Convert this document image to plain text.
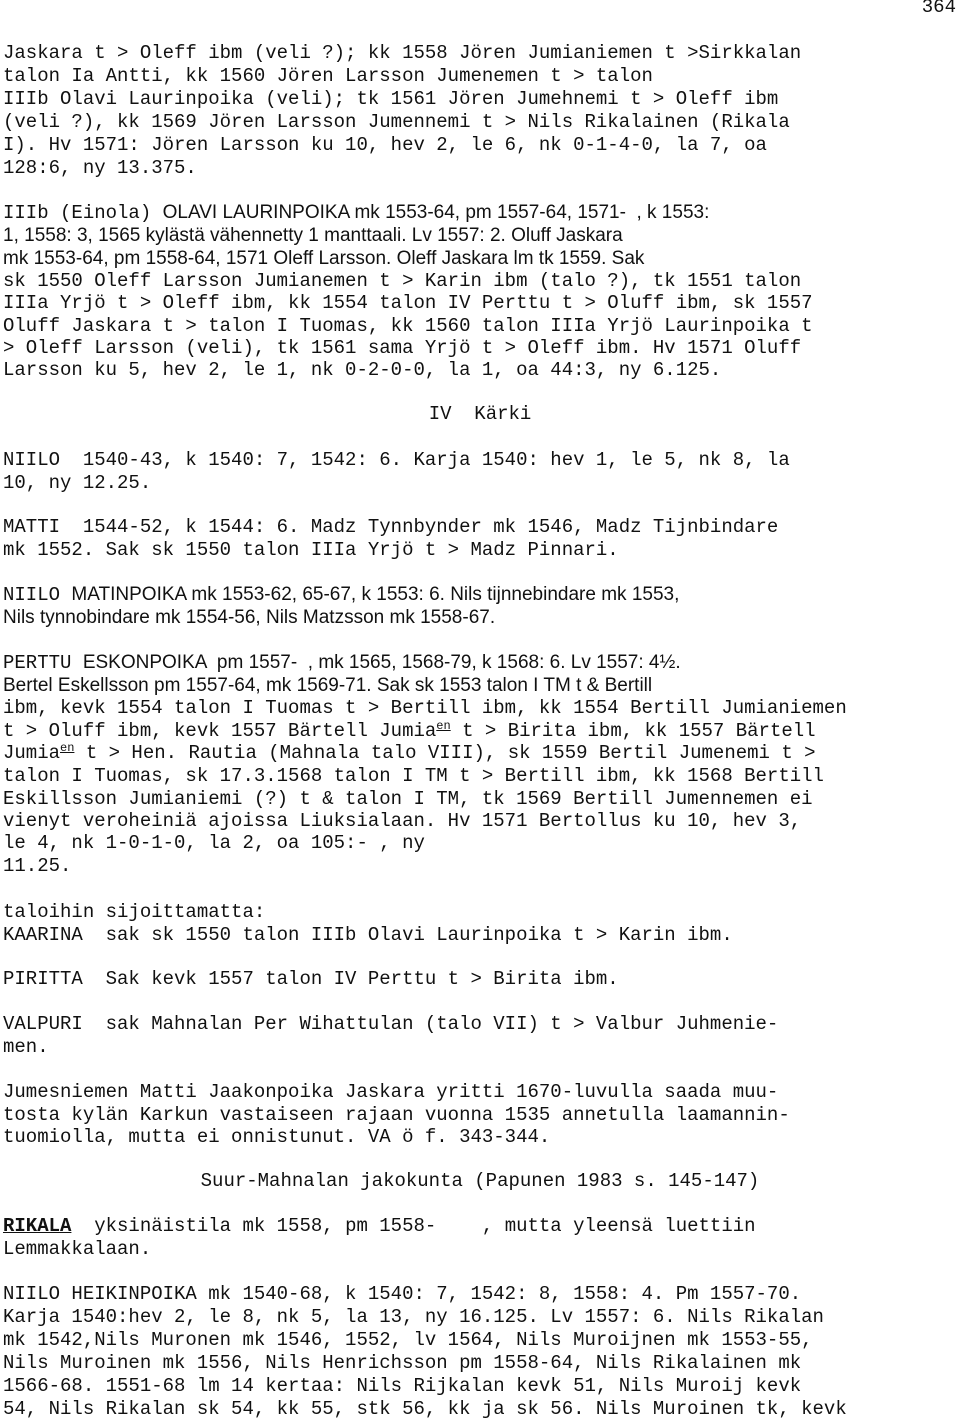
364
Jaskara t > Oleff ibm (veli ?); kk 1558 Jören Jumianiemen t >Sirkkalan
talon Ia Antti, kk 1560 Jören Larsson Jumenemen t > talon
IIIb Olavi Laurinpoika (veli); tk 1561 Jören Jumehnemi t > Oleff ibm
(veli ?), kk 1569 Jören Larsson Jumennemi t > Nils Rikalainen (Rikala
I). Hv 1571: Jören Larsson ku 10, hev 2, le 6, nk 0-1-4-0, la 7, oa
128:6, ny 13.375.
IIIb (Einola) OLAVI LAURINPOIKA mk 1553-64, pm 1557-64, 1571-  , k 1553:
1, 1558: 3, 1565 kylästä vähennetty 1 manttaali. Lv 1557: 2. Oluff Jaskara
mk 1553-64, pm 1558-64, 1571 Oleff Larsson. Oleff Jaskara lm tk 1559. Sak
sk 1550 Oleff Larsson Jumianemen t > Karin ibm (talo ?), tk 1551 talon
IIIa Yrjö t > Oleff ibm, kk 1554 talon IV Perttu t > Oluff ibm, sk 1557
Oluff Jaskara t > talon I Tuomas, kk 1560 talon IIIa Yrjö Laurinpoika t
> Oleff Larsson (veli), tk 1561 sama Yrjö t > Oleff ibm. Hv 1571 Oluff
Larsson ku 5, hev 2, le 1, nk 0-2-0-0, la 1, oa 44:3, ny 6.125.
NIILO  1540-43, k 1540: 7, 1542: 6. Karja 1540: hev 1, le 5, nk 8, la
10, ny 12.25.
MATTI  1544-52, k 1544: 6. Madz Tynnbynder mk 1546, Madz Tijnbindare
mk 1552. Sak sk 1550 talon IIIa Yrjö t > Madz Pinnari.
NIILO MATINPOIKA mk 1553-62, 65-67, k 1553: 6. Nils tijnnebindare mk 1553,
Nils tynnobindare mk 1554-56, Nils Matzsson mk 1558-67.
PERTTU ESKONPOIKA  pm 1557-  , mk 1565, 1568-79, k 1568: 6. Lv 1557: 4½.
Bertel Eskellsson pm 1557-64, mk 1569-71. Sak sk 1553 talon I TM t & Bertill
ibm, kevk 1554 talon I Tuomas t > Bertill ibm, kk 1554 Bertill Jumianiemen
t > Oluff ibm, kevk 1557 Bärtell Jumia$^{en}$ t > Birita ibm, kk 1557 Bärtell
Jumia$^{en}$ t > Hen. Rautia (Mahnala talo VIII), sk 1559 Bertil Jumenemi t >
talon I Tuomas, sk 17.3.1568 talon I TM t > Bertill ibm, kk 1568 Bertill
Eskillsson Jumianiemi (?) t & talon I TM, tk 1569 Bertill Jumennemen ei
vienyt veroheiniä ajoissa Liuksialaan. Hv 1571 Bertollus ku 10, hev 3,
le 4, nk 1-0-1-0, la 2, oa 105:- , ny
11.25.
taloihin sijoittamatta:
KAARINA  sak sk 1550 talon IIIb Olavi Laurinpoika t > Karin ibm.
PIRITTA  Sak kevk 1557 talon IV Perttu t > Birita ibm.
VALPURI  sak Mahnalan Per Wihattulan (talo VII) t > Valbur Juhmenie-
men.
Jumesniemen Matti Jaakonpoika Jaskara yritti 1670-luvulla saada muu-
tosta kylän Karkun vastaiseen rajaan vuonna 1535 annetulla laamannin-
tuomiolla, mutta ei onnistunut. VA ö f. 343-344.
RIKALA  yksinäistila mk 1558, pm 1558-    , mutta yleensä luettiin
Lemmakkalaan.
NIILO HEIKINPOIKA mk 1540-68, k 1540: 7, 1542: 8, 1558: 4. Pm 1557-70.
Karja 1540:hev 2, le 8, nk 5, la 13, ny 16.125. Lv 1557: 6. Nils Rikalan
mk 1542,Nils Muronen mk 1546, 1552, lv 1564, Nils Muroijnen mk 1553-55,
Nils Muroinen mk 1556, Nils Henrichsson pm 1558-64, Nils Rikalainen mk
1566-68. 1551-68 lm 14 kertaa: Nils Rijkalan kevk 51, Nils Muroij kevk
54, Nils Rikalan sk 54, kk 55, stk 56, kk ja sk 56. Nils Muroinen tk, kevk
IV  Kärki
Suur-Mahnalan jakokunta (Papunen 1983 s. 145-147)
